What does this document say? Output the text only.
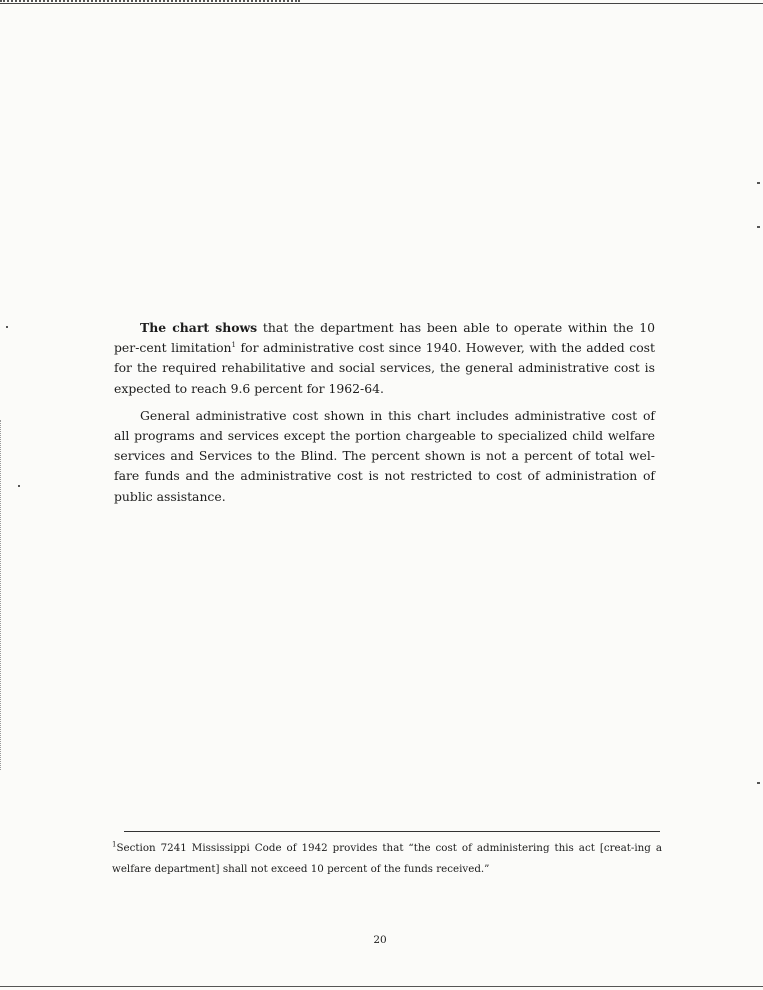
The chart shows that the department has been able to operate within the 10 per-cent limitation$^1$ for administrative cost since 1940. However, with the added cost for the required rehabilitative and social services, the general administrative cost is expected to reach 9.6 percent for 1962-64.

General administrative cost shown in this chart includes administrative cost of all programs and services except the portion chargeable to specialized child welfare services and Services to the Blind. The percent shown is not a percent of total wel-fare funds and the administrative cost is not restricted to cost of administration of public assistance.

$^1$Section 7241 Mississippi Code of 1942 provides that “the cost of administering this act [creat-ing a welfare department] shall not exceed 10 percent of the funds received.”
20
